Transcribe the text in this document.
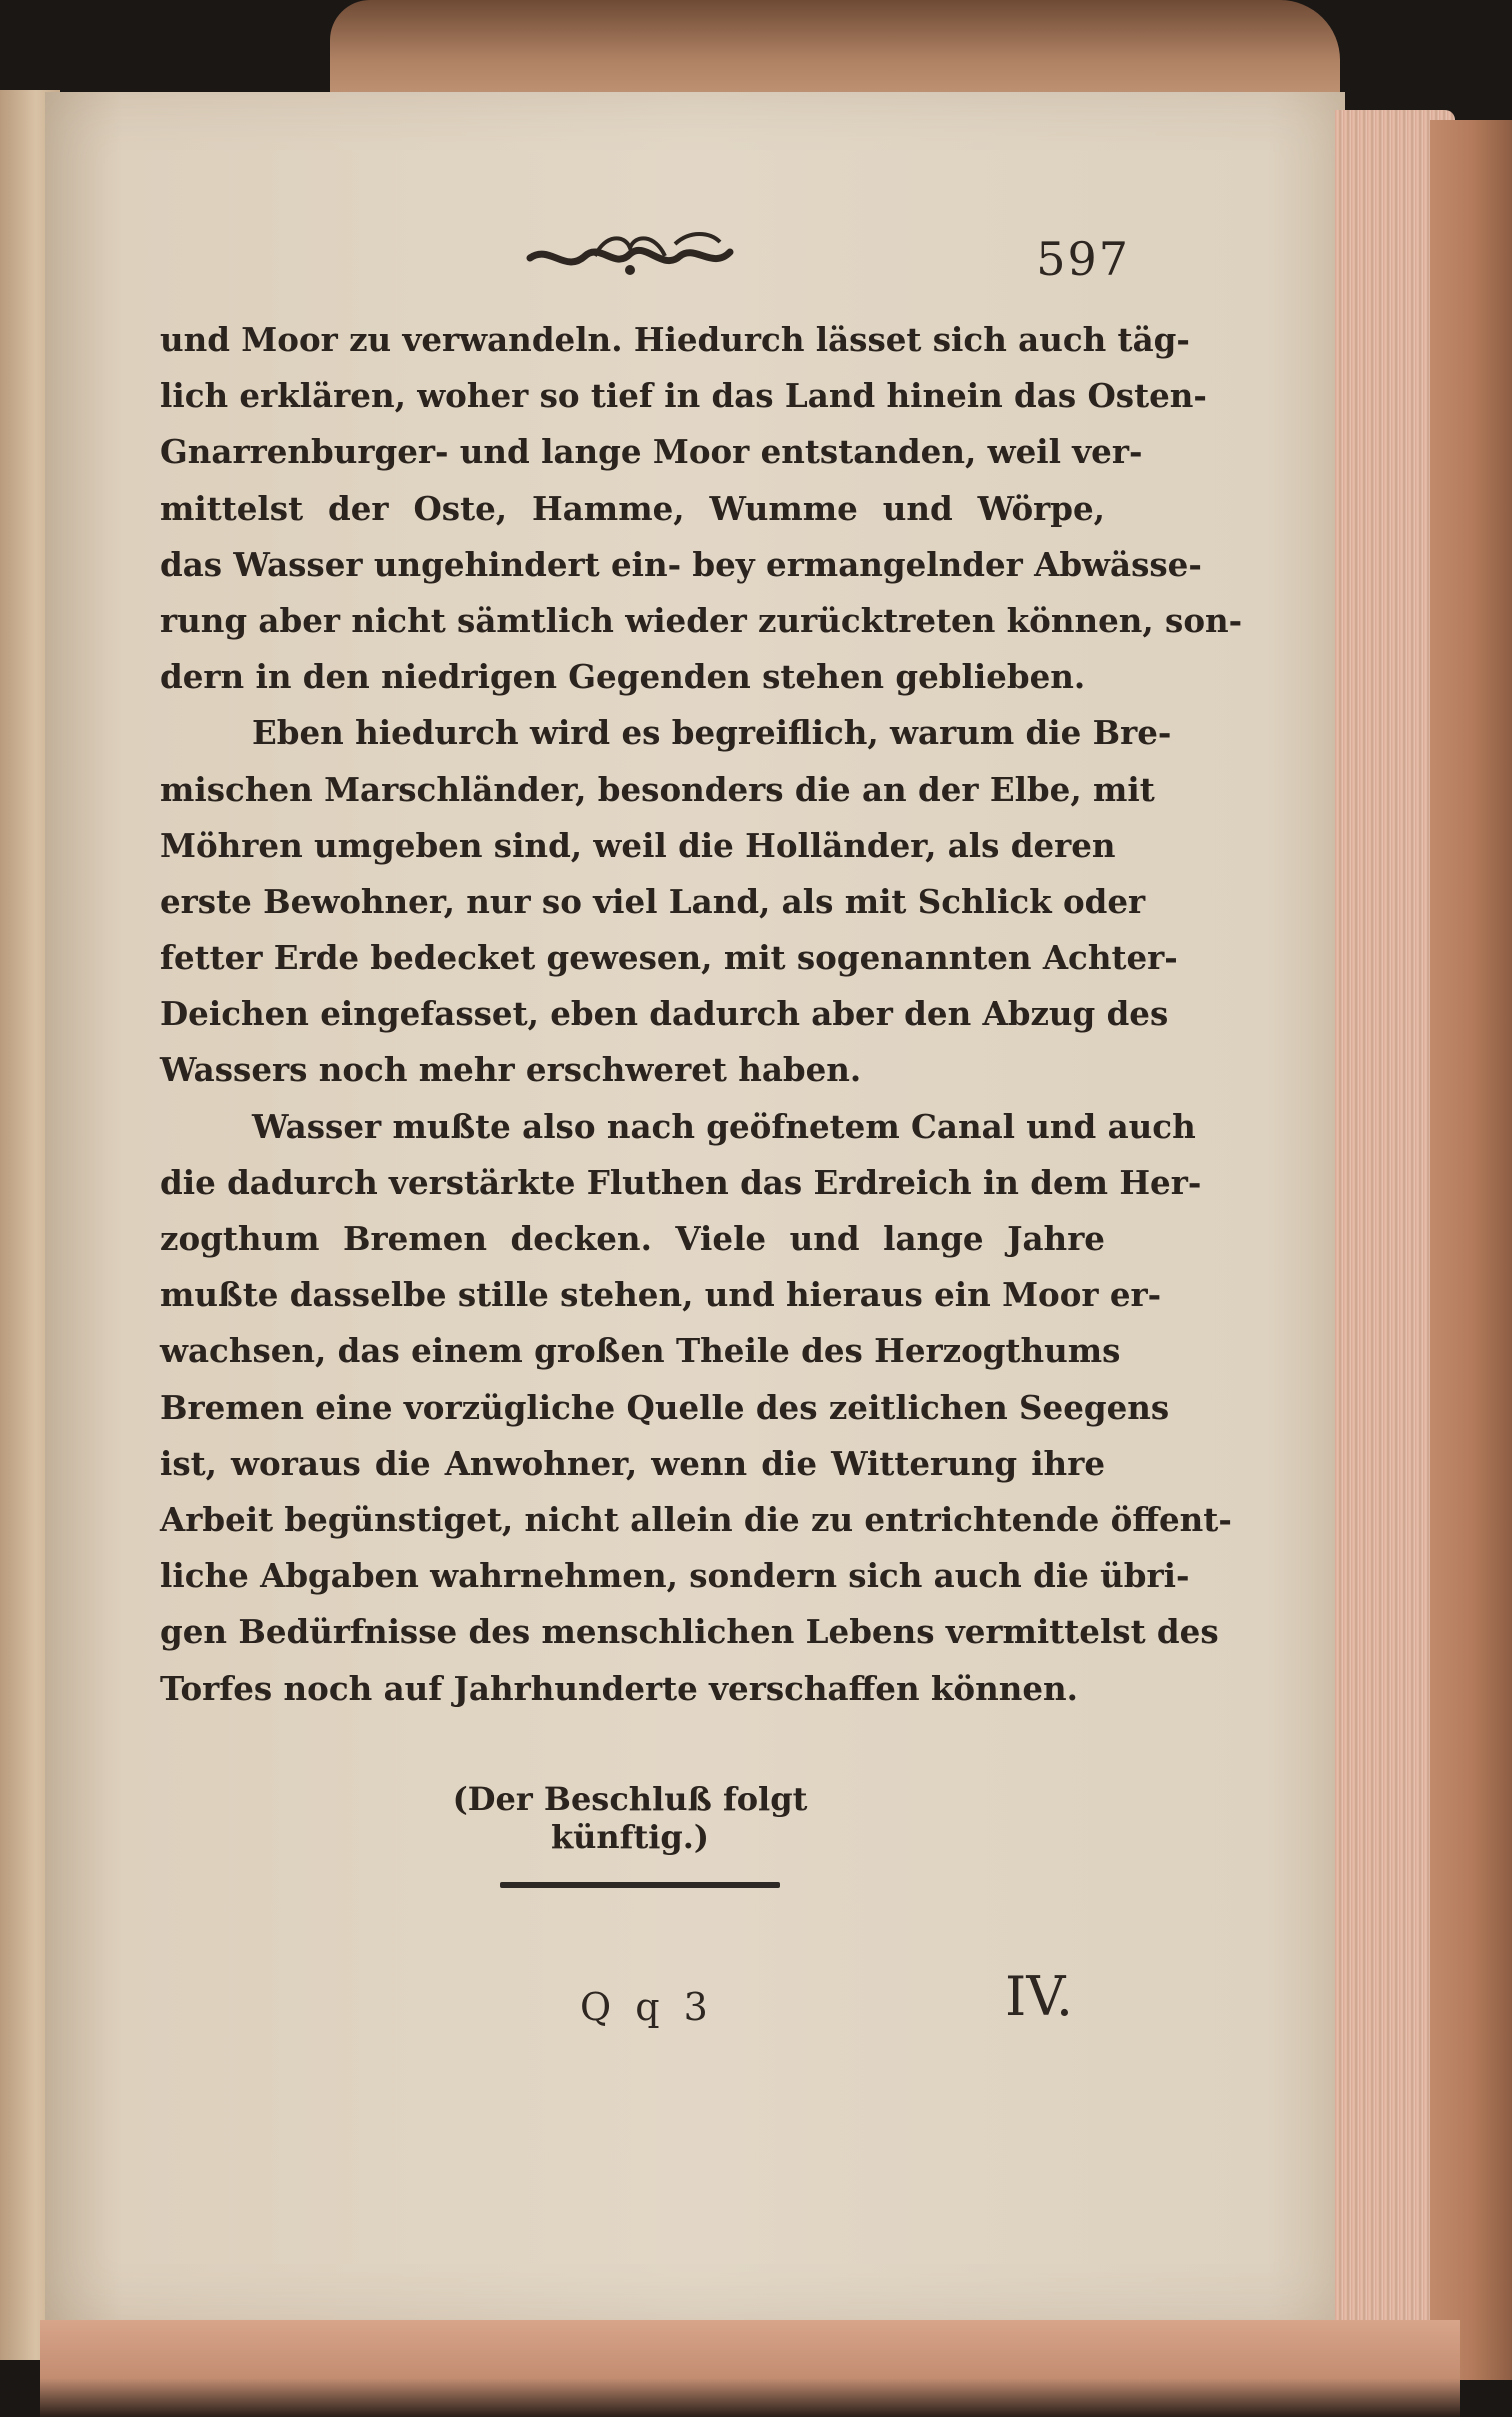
597
und Moor zu verwandeln. Hiedurch lässet sich auch täg-
lich erklären, woher so tief in das Land hinein das Osten-
Gnarrenburger- und lange Moor entstanden, weil ver-
mittelst der Oste, Hamme, Wumme und Wörpe,
das Wasser ungehindert ein- bey ermangelnder Abwässe-
rung aber nicht sämtlich wieder zurücktreten können, son-
dern in den niedrigen Gegenden stehen geblieben.
Eben hiedurch wird es begreiflich, warum die Bre-
mischen Marschländer, besonders die an der Elbe, mit
Möhren umgeben sind, weil die Holländer, als deren
erste Bewohner, nur so viel Land, als mit Schlick oder
fetter Erde bedecket gewesen, mit sogenannten Achter-
Deichen eingefasset, eben dadurch aber den Abzug des
Wassers noch mehr erschweret haben.
Wasser mußte also nach geöfnetem Canal und auch
die dadurch verstärkte Fluthen das Erdreich in dem Her-
zogthum Bremen decken. Viele und lange Jahre
mußte dasselbe stille stehen, und hieraus ein Moor er-
wachsen, das einem großen Theile des Herzogthums
Bremen eine vorzügliche Quelle des zeitlichen Seegens
ist, woraus die Anwohner, wenn die Witterung ihre
Arbeit begünstiget, nicht allein die zu entrichtende öffent-
liche Abgaben wahrnehmen, sondern sich auch die übri-
gen Bedürfnisse des menschlichen Lebens vermittelst des
Torfes noch auf Jahrhunderte verschaffen können.
(Der Beschluß folgt künftig.)
Q q 3	IV.
